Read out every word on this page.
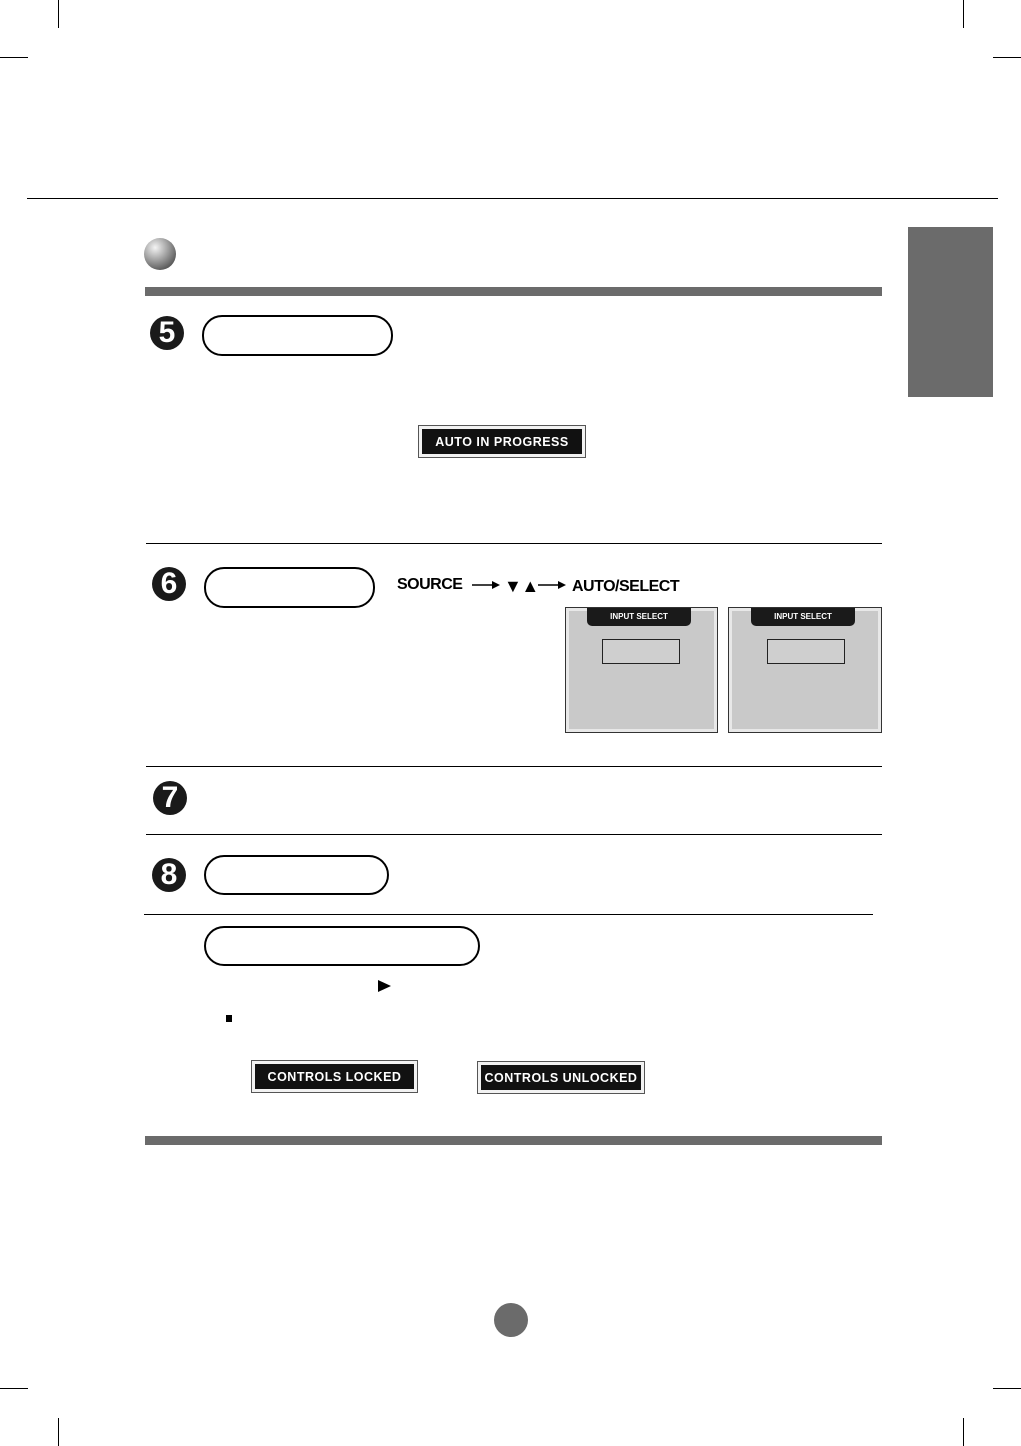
5
AUTO IN PROGRESS
6	SOURCE ▼▲ AUTO/SELECT
INPUT SELECT	INPUT SELECT
7
8
CONTROLS LOCKED	CONTROLS UNLOCKED
